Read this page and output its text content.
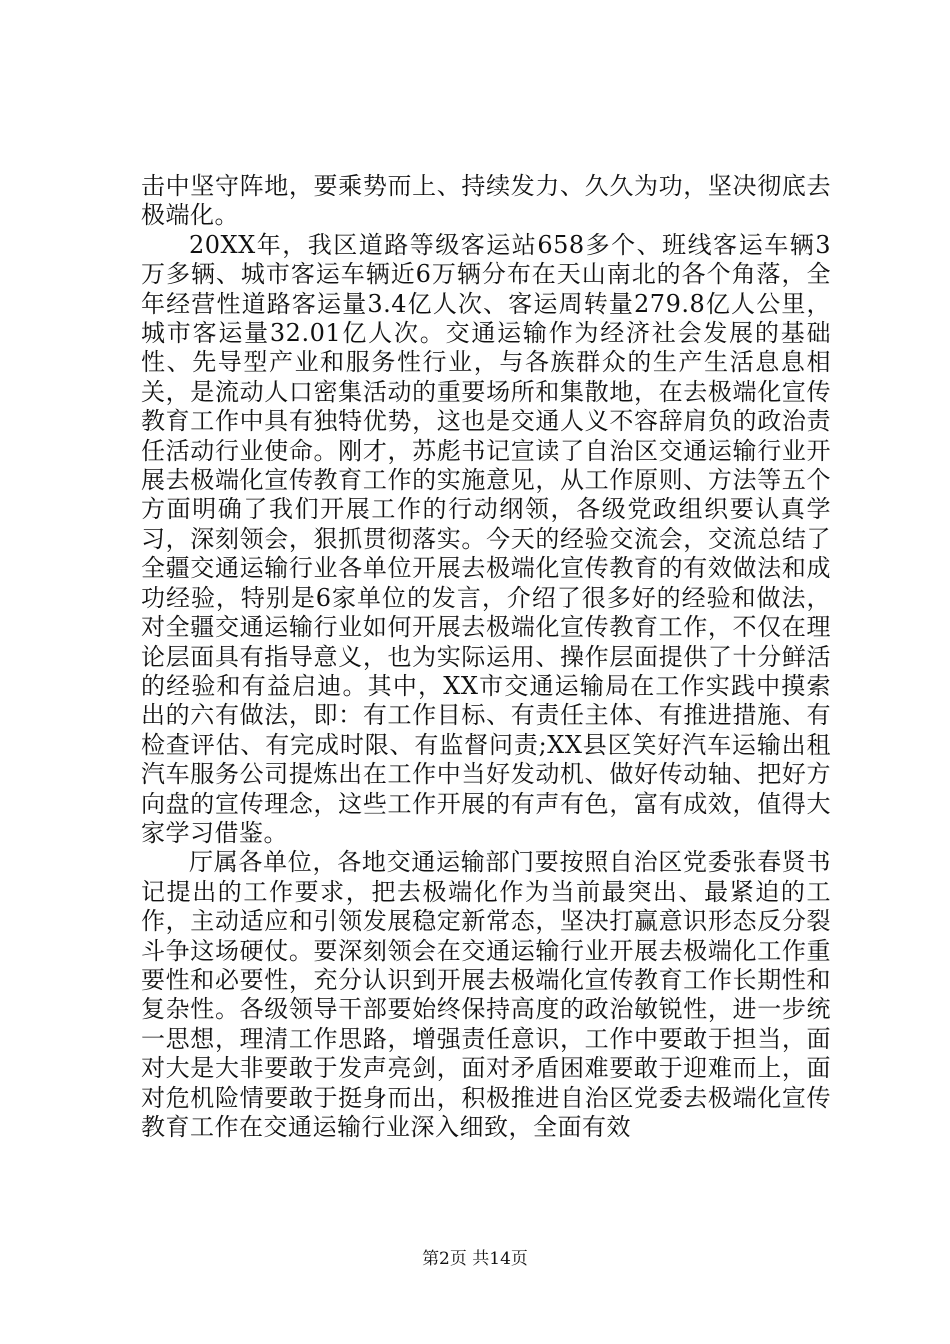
击中坚守阵地，要乘势而上、持续发力、久久为功，坚决彻底去极端化。

20XX年，我区道路等级客运站658多个、班线客运车辆3万多辆、城市客运车辆近6万辆分布在天山南北的各个角落，全年经营性道路客运量3.4亿人次、客运周转量279.8亿人公里，城市客运量32.01亿人次。交通运输作为经济社会发展的基础性、先导型产业和服务性行业，与各族群众的生产生活息息相关，是流动人口密集活动的重要场所和集散地，在去极端化宣传教育工作中具有独特优势，这也是交通人义不容辞肩负的政治责任活动行业使命。刚才，苏彪书记宣读了自治区交通运输行业开展去极端化宣传教育工作的实施意见，从工作原则、方法等五个方面明确了我们开展工作的行动纲领，各级党政组织要认真学习，深刻领会，狠抓贯彻落实。今天的经验交流会，交流总结了全疆交通运输行业各单位开展去极端化宣传教育的有效做法和成功经验，特别是6家单位的发言，介绍了很多好的经验和做法，对全疆交通运输行业如何开展去极端化宣传教育工作，不仅在理论层面具有指导意义，也为实际运用、操作层面提供了十分鲜活的经验和有益启迪。其中，XX市交通运输局在工作实践中摸索出的六有做法，即：有工作目标、有责任主体、有推进措施、有检查评估、有完成时限、有监督问责;XX县区笑好汽车运输出租汽车服务公司提炼出在工作中当好发动机、做好传动轴、把好方向盘的宣传理念，这些工作开展的有声有色，富有成效，值得大家学习借鉴。

厅属各单位，各地交通运输部门要按照自治区党委张春贤书记提出的工作要求，把去极端化作为当前最突出、最紧迫的工作，主动适应和引领发展稳定新常态，坚决打赢意识形态反分裂斗争这场硬仗。要深刻领会在交通运输行业开展去极端化工作重要性和必要性，充分认识到开展去极端化宣传教育工作长期性和复杂性。各级领导干部要始终保持高度的政治敏锐性，进一步统一思想，理清工作思路，增强责任意识，工作中要敢于担当，面对大是大非要敢于发声亮剑，面对矛盾困难要敢于迎难而上，面对危机险情要敢于挺身而出，积极推进自治区党委去极端化宣传教育工作在交通运输行业深入细致，全面有效

第2页 共14页
